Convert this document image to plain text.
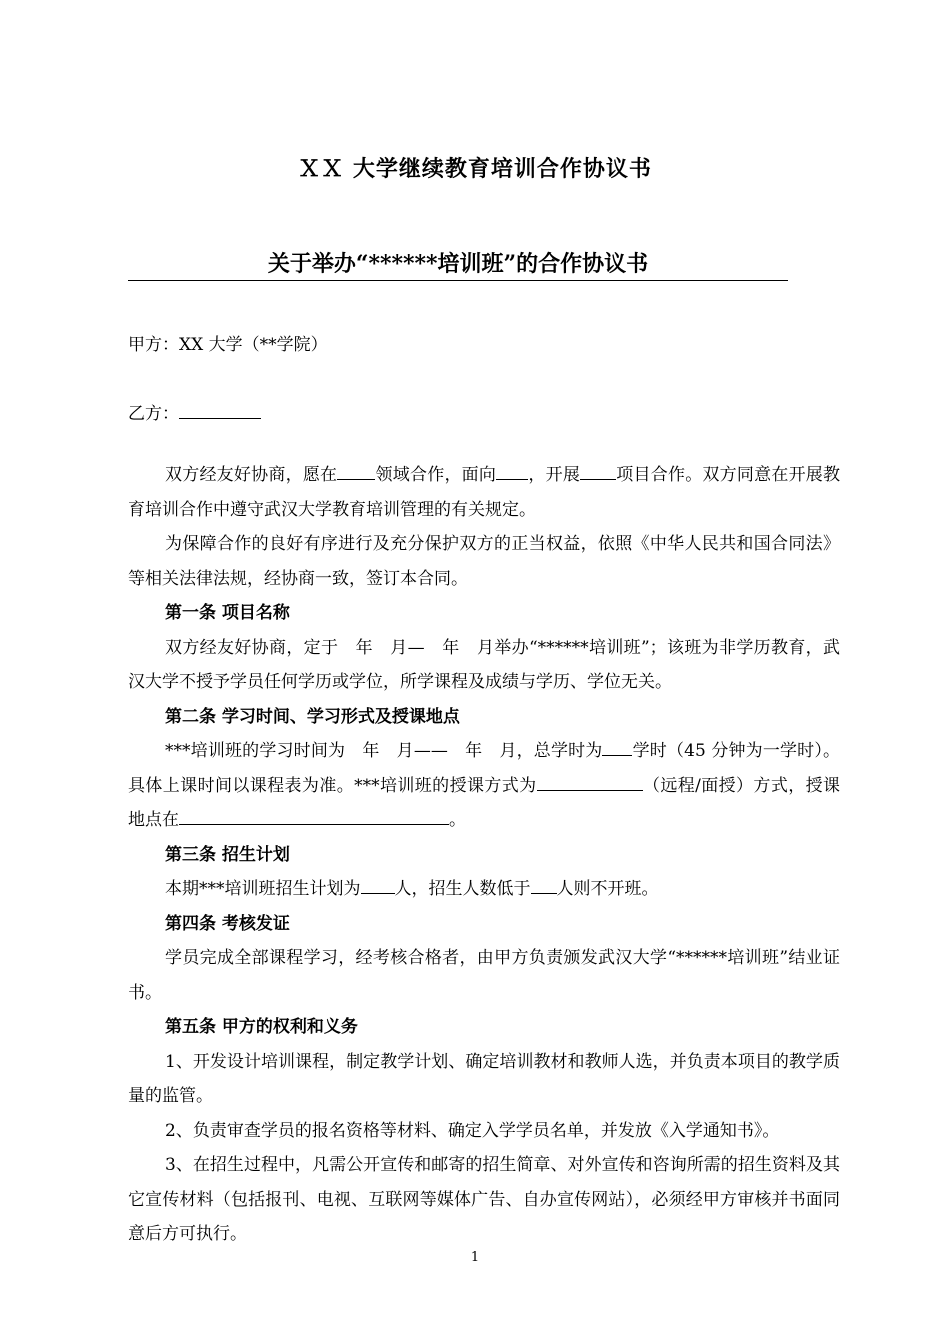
ＸＸ 大学继续教育培训合作协议书
关于举办“******培训班”的合作协议书
甲方：XX 大学（**学院）
乙方：

双方经友好协商，愿在 领域合作，面向 ，开展 项目合作。双方同意在开展教育培训合作中遵守武汉大学教育培训管理的有关规定。

为保障合作的良好有序进行及充分保护双方的正当权益，依照《中华人民共和国合同法》等相关法律法规，经协商一致，签订本合同。

第一条 项目名称

双方经友好协商，定于　年　月—　年　月举办“******培训班”；该班为非学历教育，武汉大学不授予学员任何学历或学位，所学课程及成绩与学历、学位无关。

第二条 学习时间、学习形式及授课地点

***培训班的学习时间为　年　月——　年　月，总学时为 学时（45 分钟为一学时）。具体上课时间以课程表为准。***培训班的授课方式为	（远程/面授）方式，授课地点在	。

第三条 招生计划

本期***培训班招生计划为 人，招生人数低于 人则不开班。

第四条 考核发证

学员完成全部课程学习，经考核合格者，由甲方负责颁发武汉大学“******培训班”结业证书。

第五条 甲方的权利和义务

1、开发设计培训课程，制定教学计划、确定培训教材和教师人选，并负责本项目的教学质量的监管。

2、负责审查学员的报名资格等材料、确定入学学员名单，并发放《入学通知书》。

3、在招生过程中，凡需公开宣传和邮寄的招生简章、对外宣传和咨询所需的招生资料及其它宣传材料（包括报刊、电视、互联网等媒体广告、自办宣传网站），必须经甲方审核并书面同意后方可执行。

1
